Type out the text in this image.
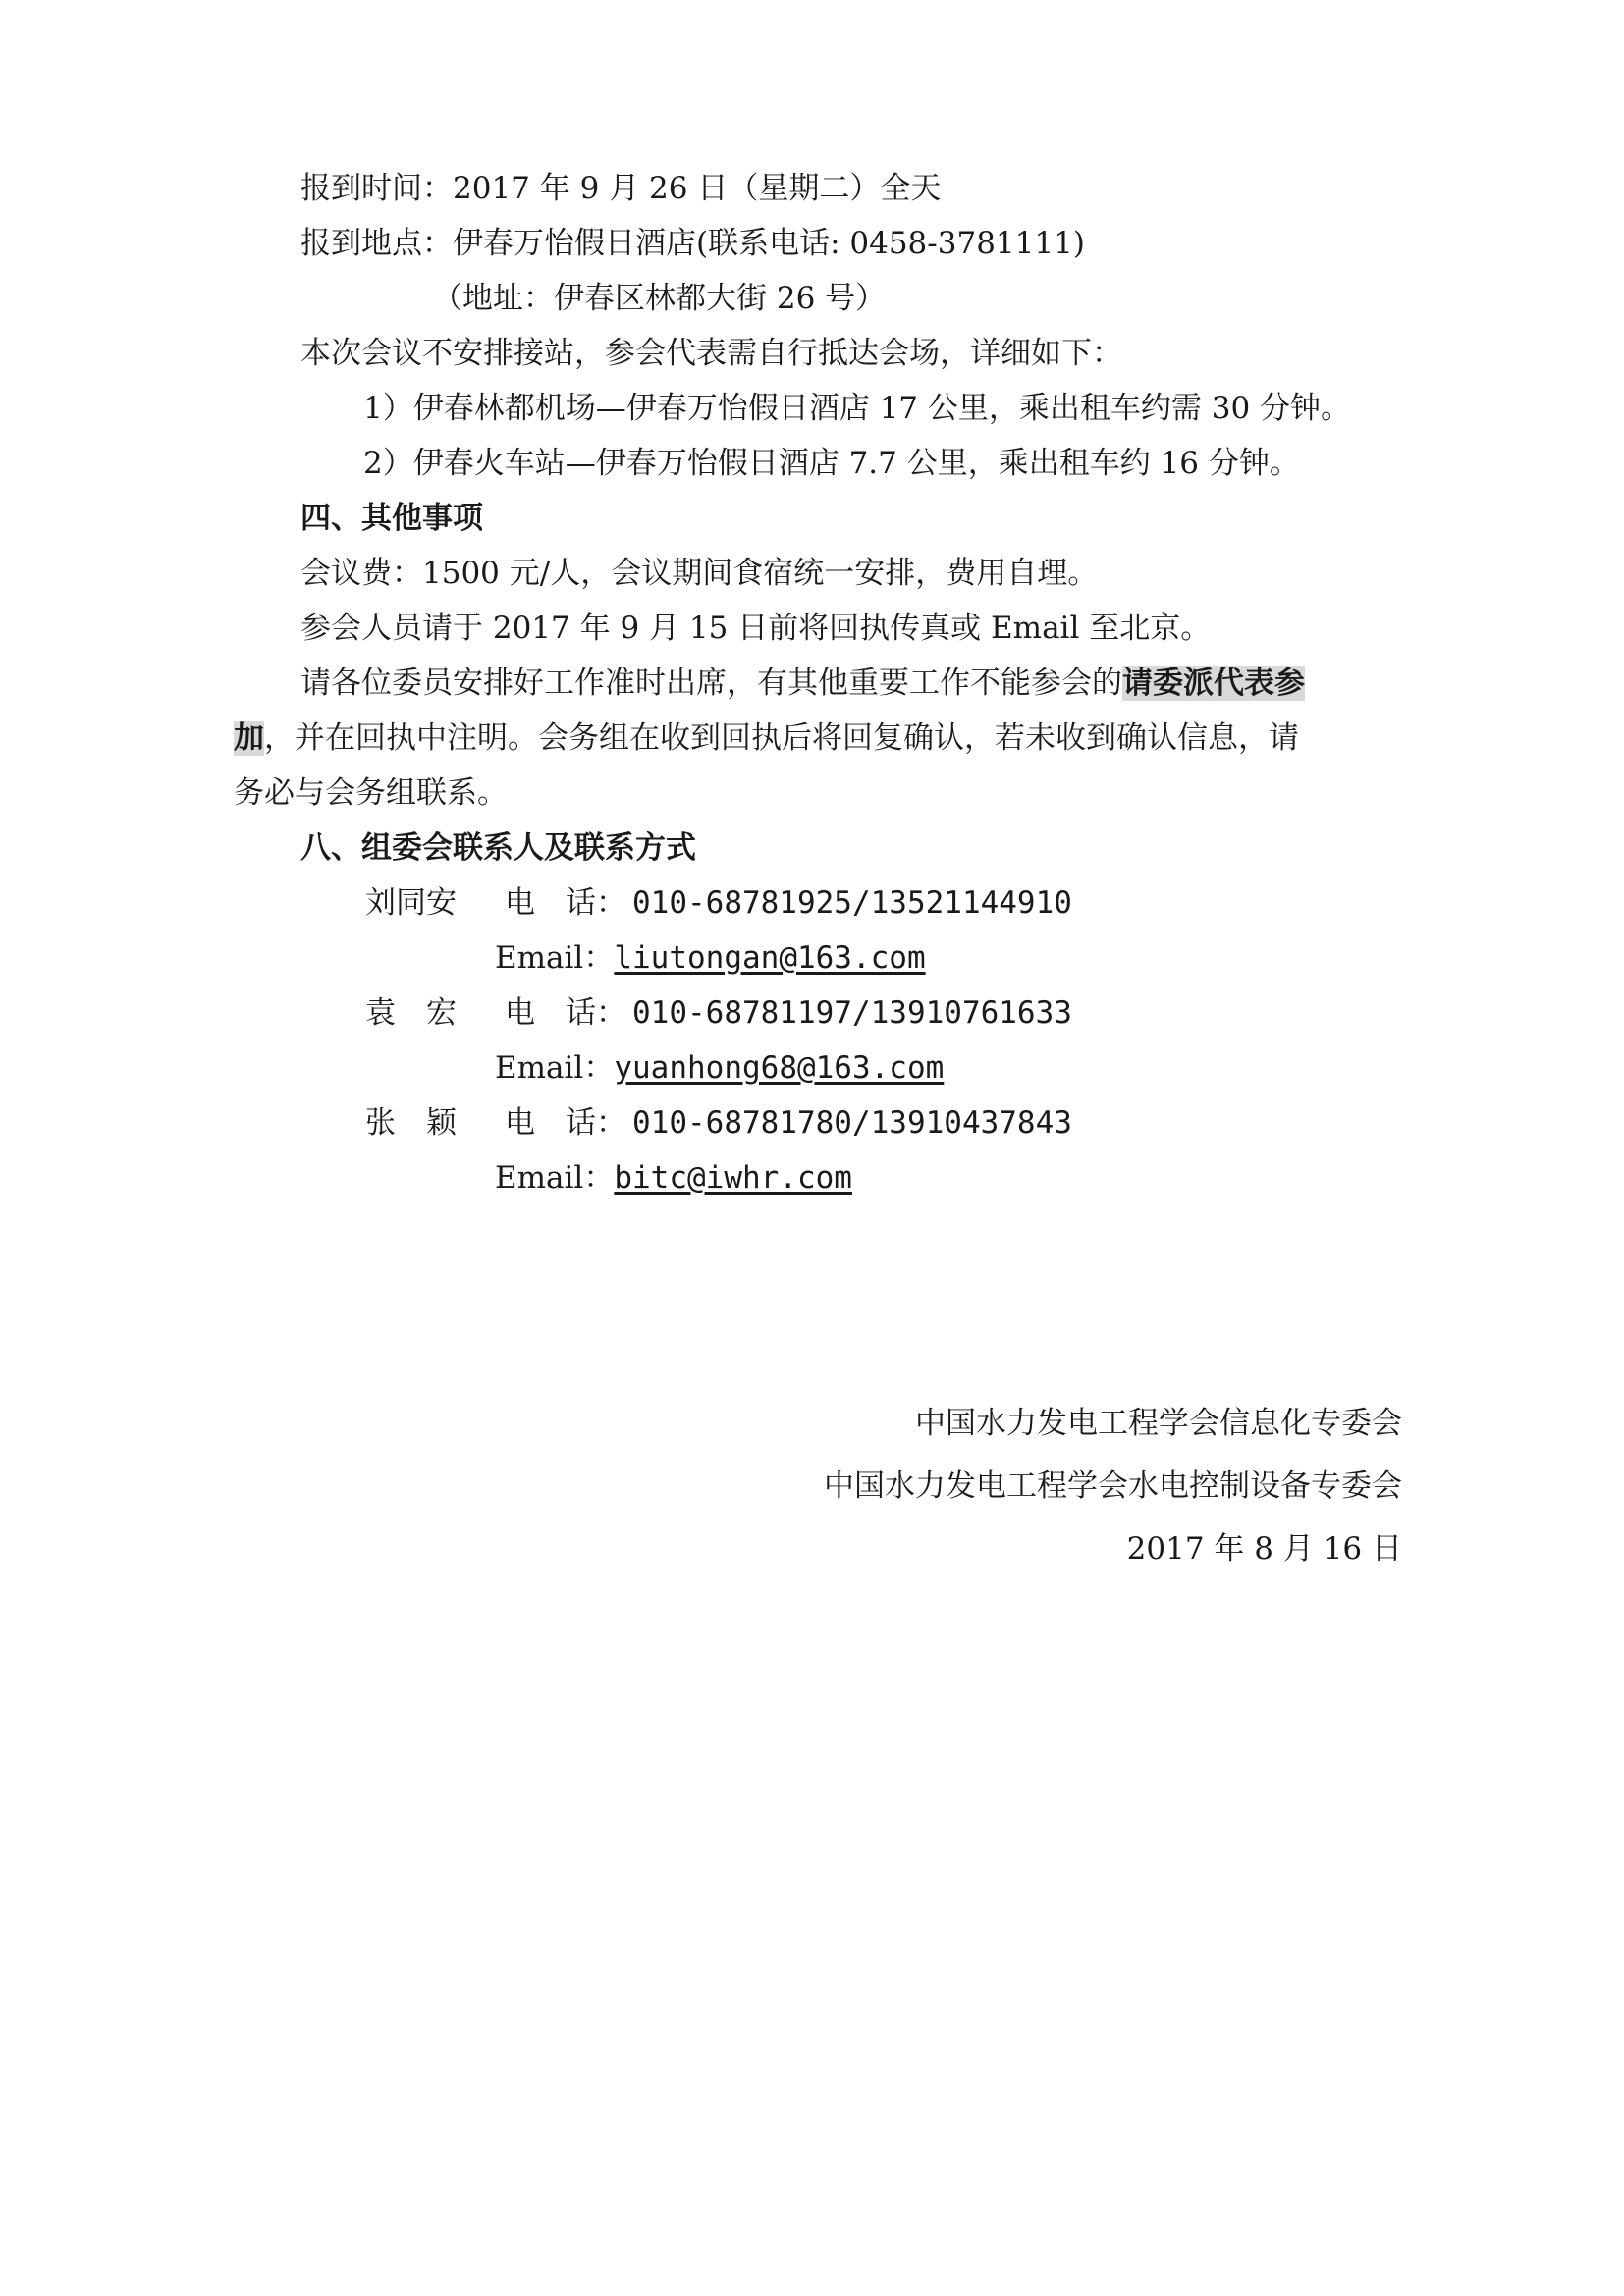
报到时间：2017 年 9 月 26 日（星期二）全天
报到地点：伊春万怡假日酒店(联系电话: 0458-3781111)
（地址：伊春区林都大街 26 号）
本次会议不安排接站，参会代表需自行抵达会场，详细如下：
1）伊春林都机场—伊春万怡假日酒店 17 公里，乘出租车约需 30 分钟。
2）伊春火车站—伊春万怡假日酒店 7.7 公里，乘出租车约 16 分钟。
四、其他事项
会议费：1500 元/人，会议期间食宿统一安排，费用自理。
参会人员请于 2017 年 9 月 15 日前将回执传真或 Email 至北京。
请各位委员安排好工作准时出席，有其他重要工作不能参会的请委派代表参
加，并在回执中注明。会务组在收到回执后将回复确认，若未收到确认信息，请
务必与会务组联系。
八、组委会联系人及联系方式
刘同安 电　话： 010-68781925/13521144910
Email：liutongan@163.com
袁　宏 电　话： 010-68781197/13910761633
Email：yuanhong68@163.com
张　颖 电　话： 010-68781780/13910437843
Email：bitc@iwhr.com
中国水力发电工程学会信息化专委会
中国水力发电工程学会水电控制设备专委会
2017 年 8 月 16 日
